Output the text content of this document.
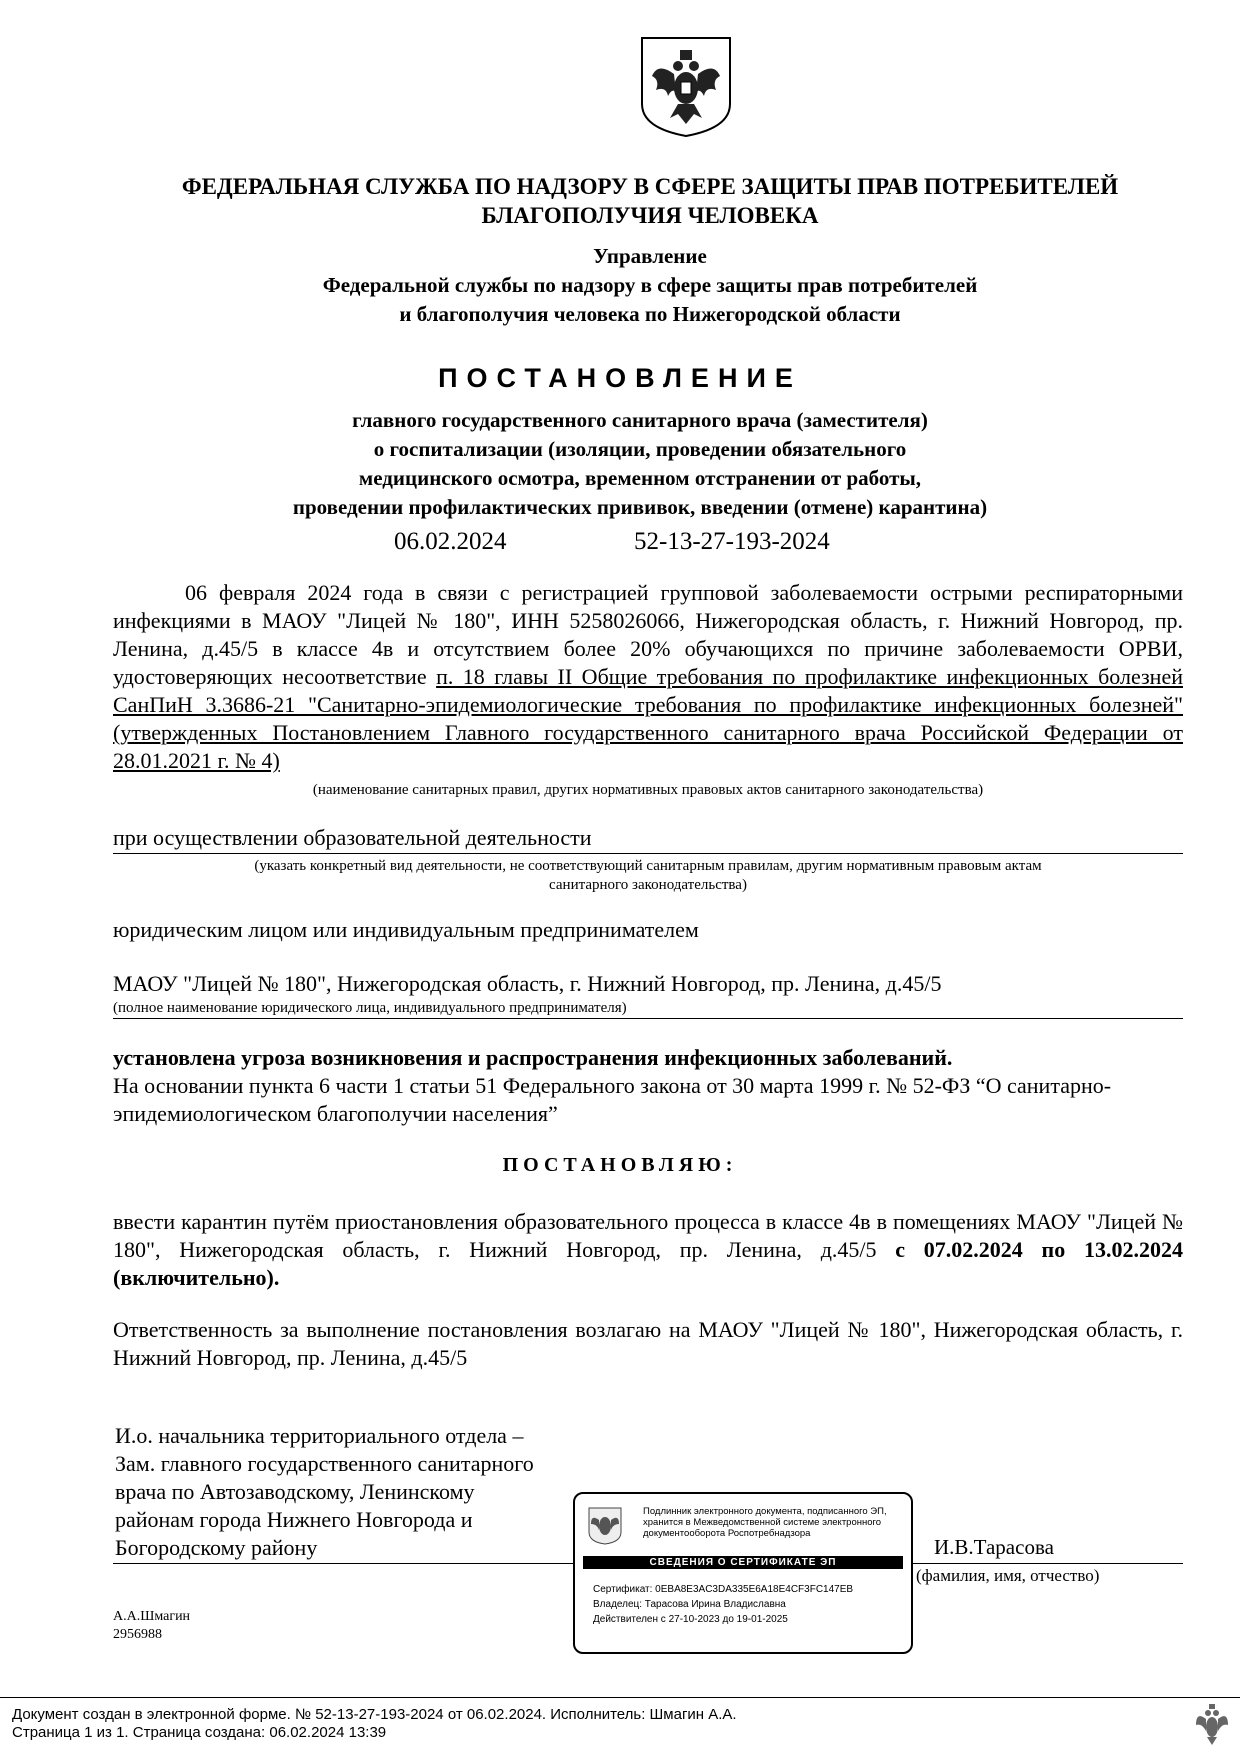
ФЕДЕРАЛЬНАЯ СЛУЖБА ПО НАДЗОРУ В СФЕРЕ ЗАЩИТЫ ПРАВ ПОТРЕБИТЕЛЕЙ
БЛАГОПОЛУЧИЯ ЧЕЛОВЕКА
Управление
Федеральной службы по надзору в сфере защиты прав потребителей
и благополучия человека по Нижегородской области
ПОСТАНОВЛЕНИЕ
главного государственного санитарного врача (заместителя)
о госпитализации (изоляции, проведении обязательного
медицинского осмотра, временном отстранении от работы,
проведении профилактических прививок, введении (отмене) карантина)
06.02.2024	52-13-27-193-2024
06 февраля 2024 года в связи с регистрацией групповой заболеваемости острыми респираторными инфекциями в МАОУ "Лицей № 180", ИНН 5258026066, Нижегородская область, г. Нижний Новгород, пр. Ленина, д.45/5 в классе 4в и отсутствием более 20% обучающихся по причине заболеваемости ОРВИ, удостоверяющих несоответствие п. 18 главы II Общие требования по профилактике инфекционных болезней СанПиН 3.3686-21 "Санитарно-эпидемиологические требования по профилактике инфекционных болезней" (утвержденных Постановлением Главного государственного санитарного врача Российской Федерации от 28.01.2021 г. № 4)
(наименование санитарных правил, других нормативных правовых актов санитарного законодательства)
при осуществлении образовательной деятельности
(указать конкретный вид деятельности, не соответствующий санитарным правилам, другим нормативным правовым актам
санитарного законодательства)
юридическим лицом или индивидуальным предпринимателем
МАОУ "Лицей № 180", Нижегородская область, г. Нижний Новгород, пр. Ленина, д.45/5
(полное наименование юридического лица, индивидуального предпринимателя)
установлена угроза возникновения и распространения инфекционных заболеваний.
На основании пункта 6 части 1 статьи 51 Федерального закона от 30 марта 1999 г. № 52-ФЗ “О санитарно-эпидемиологическом благополучии населения”
ПОСТАНОВЛЯЮ:
ввести карантин путём приостановления образовательного процесса в классе 4в в помещениях МАОУ "Лицей № 180", Нижегородская область, г. Нижний Новгород, пр. Ленина, д.45/5 с 07.02.2024 по 13.02.2024 (включительно).
Ответственность за выполнение постановления возлагаю на МАОУ "Лицей № 180", Нижегородская область, г. Нижний Новгород, пр. Ленина, д.45/5
И.о. начальника территориального отдела –
Зам. главного государственного санитарного
врача по Автозаводскому, Ленинскому
районам города Нижнего Новгорода и
Богородскому району	И.В.Тарасова
(фамилия, имя, отчество)
Подлинник электронного документа, подписанного ЭП,
хранится в Межведомственной системе электронного
документооборота Роспотребнадзора
СВЕДЕНИЯ О СЕРТИФИКАТЕ ЭП
Сертификат: 0EBA8E3AC3DA335E6A18E4CF3FC147EB
Владелец: Тарасова Ирина Владиславна
Действителен с 27-10-2023 до 19-01-2025
А.А.Шмагин
2956988
Документ создан в электронной форме. № 52-13-27-193-2024 от 06.02.2024. Исполнитель: Шмагин А.А.
Страница 1 из 1. Страница создана: 06.02.2024 13:39
